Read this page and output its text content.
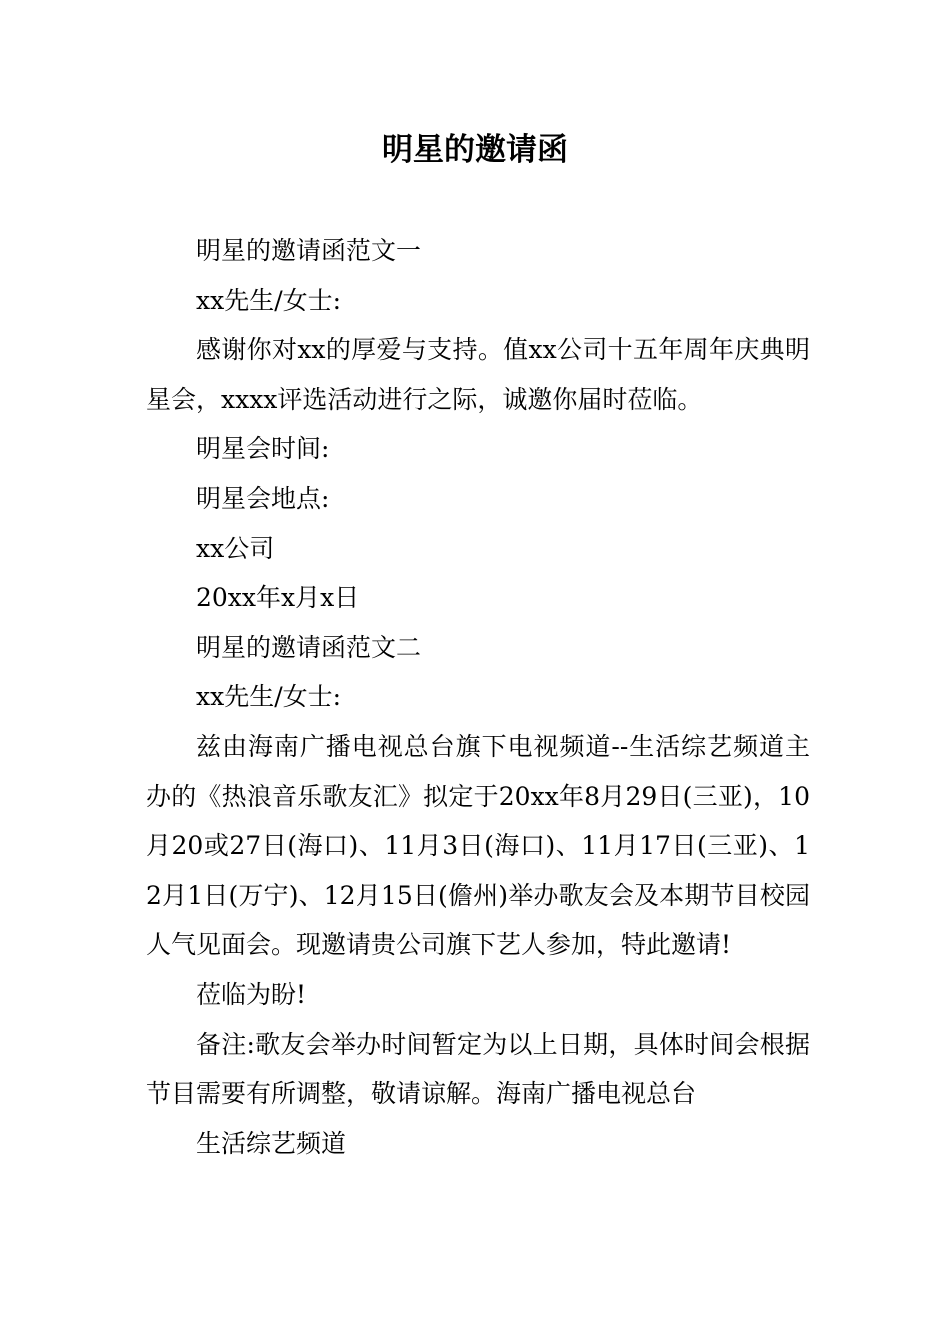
明星的邀请函

明星的邀请函范文一

xx先生/女士:

感谢你对xx的厚爱与支持。值xx公司十五年周年庆典明星会，xxxx评选活动进行之际，诚邀你届时莅临。

明星会时间:

明星会地点:

xx公司

20xx年x月x日

明星的邀请函范文二

xx先生/女士:

兹由海南广播电视总台旗下电视频道--生活综艺频道主办的《热浪音乐歌友汇》拟定于20xx年8月29日(三亚)，10月20或27日(海口)、11月3日(海口)、11月17日(三亚)、12月1日(万宁)、12月15日(儋州)举办歌友会及本期节目校园人气见面会。现邀请贵公司旗下艺人参加，特此邀请!

莅临为盼!

备注:歌友会举办时间暂定为以上日期，具体时间会根据节目需要有所调整，敬请谅解。海南广播电视总台

生活综艺频道
